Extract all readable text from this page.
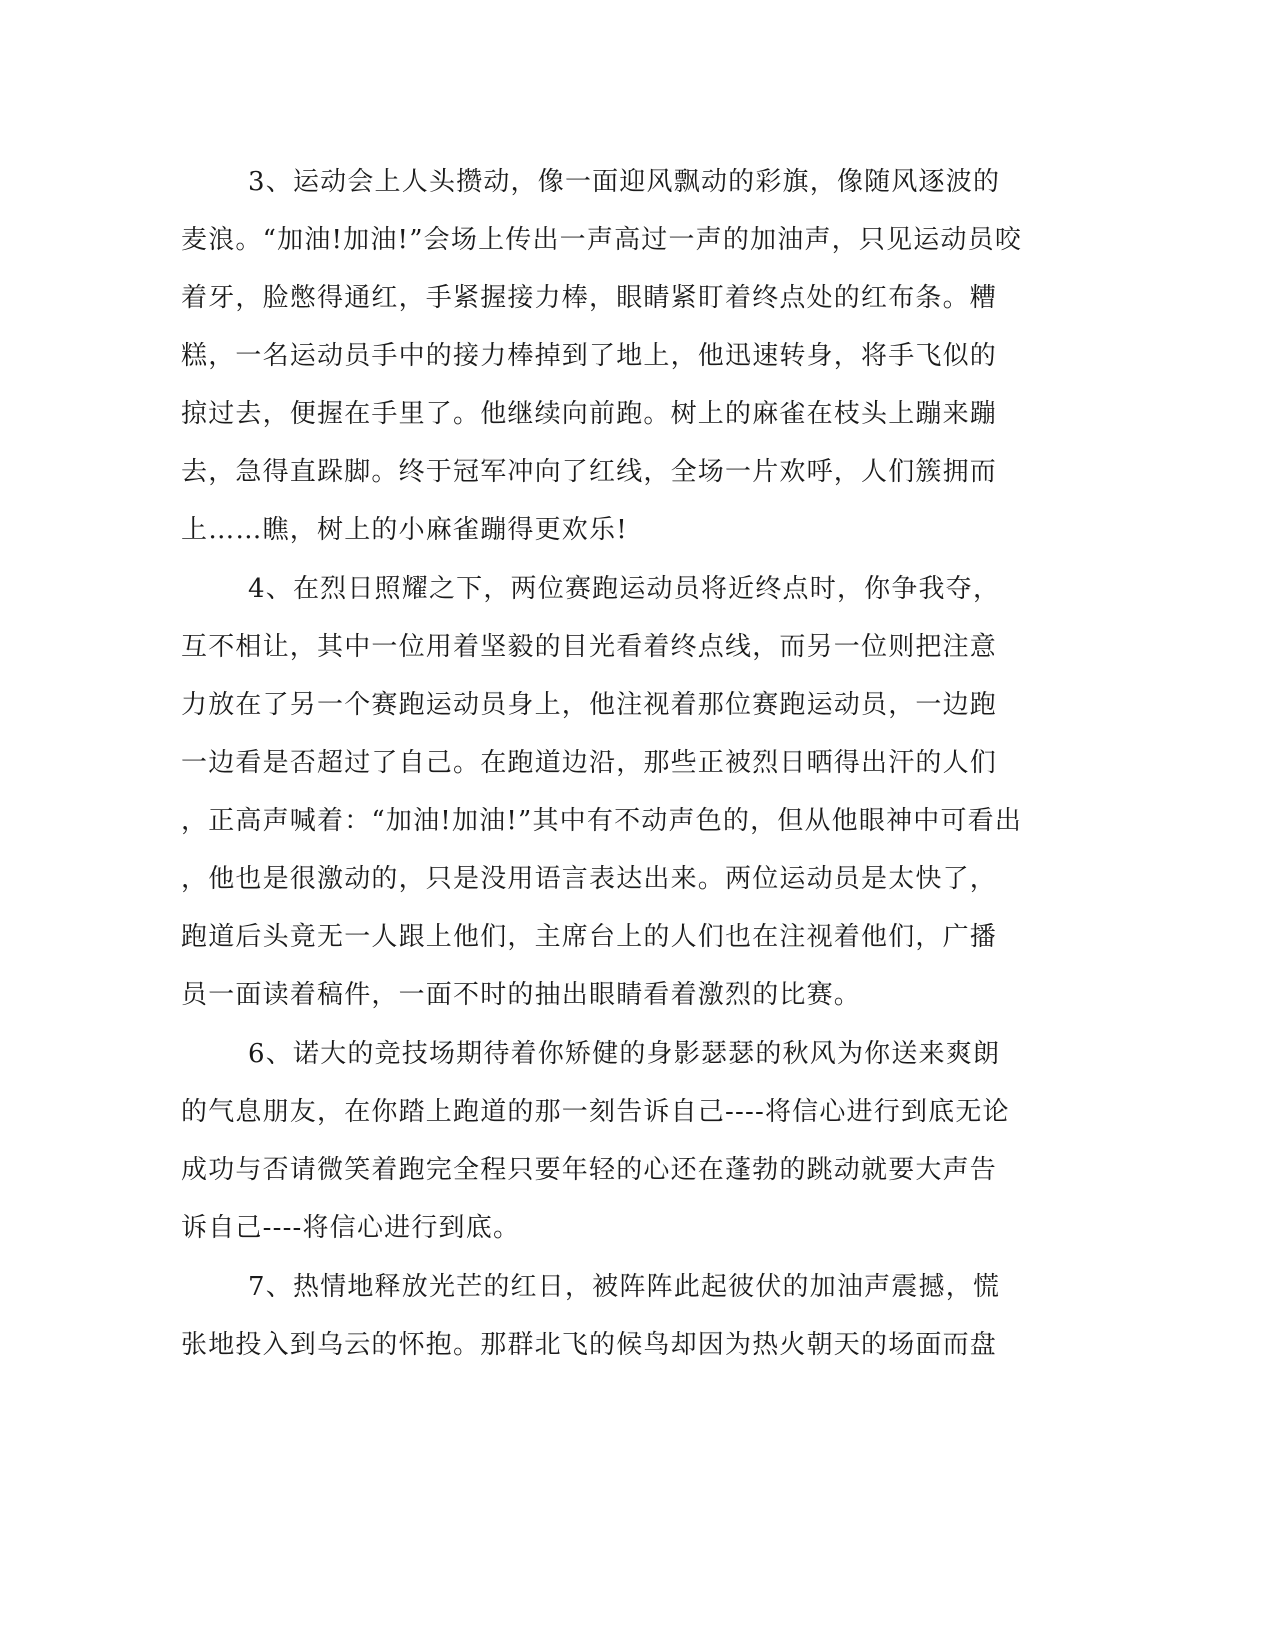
3、运动会上人头攒动，像一面迎风飘动的彩旗，像随风逐波的
麦浪。“加油!加油!”会场上传出一声高过一声的加油声，只见运动员咬
着牙，脸憋得通红，手紧握接力棒，眼睛紧盯着终点处的红布条。糟
糕，一名运动员手中的接力棒掉到了地上，他迅速转身，将手飞似的
掠过去，便握在手里了。他继续向前跑。树上的麻雀在枝头上蹦来蹦
去，急得直跺脚。终于冠军冲向了红线，全场一片欢呼，人们簇拥而
上……瞧，树上的小麻雀蹦得更欢乐!
4、在烈日照耀之下，两位赛跑运动员将近终点时，你争我夺，
互不相让，其中一位用着坚毅的目光看着终点线，而另一位则把注意
力放在了另一个赛跑运动员身上，他注视着那位赛跑运动员，一边跑
一边看是否超过了自己。在跑道边沿，那些正被烈日晒得出汗的人们
，正高声喊着：“加油!加油!”其中有不动声色的，但从他眼神中可看出
，他也是很激动的，只是没用语言表达出来。两位运动员是太快了，
跑道后头竟无一人跟上他们，主席台上的人们也在注视着他们，广播
员一面读着稿件，一面不时的抽出眼睛看着激烈的比赛。
6、诺大的竞技场期待着你矫健的身影瑟瑟的秋风为你送来爽朗
的气息朋友，在你踏上跑道的那一刻告诉自己----将信心进行到底无论
成功与否请微笑着跑完全程只要年轻的心还在蓬勃的跳动就要大声告
诉自己----将信心进行到底。
7、热情地释放光芒的红日，被阵阵此起彼伏的加油声震撼，慌
张地投入到乌云的怀抱。那群北飞的候鸟却因为热火朝天的场面而盘
